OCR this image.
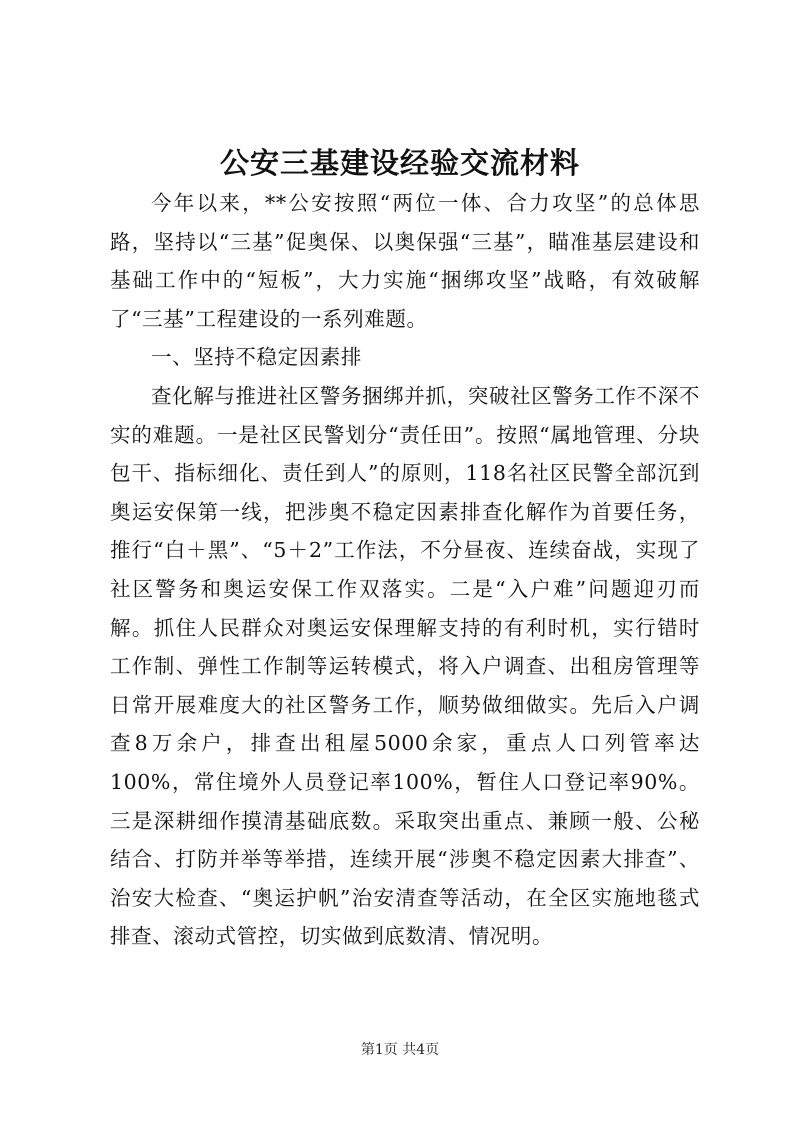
公安三基建设经验交流材料

今年以来，**公安按照“两位一体、合力攻坚”的总体思路，坚持以“三基”促奥保、以奥保强“三基”，瞄准基层建设和基础工作中的“短板”，大力实施“捆绑攻坚”战略，有效破解了“三基”工程建设的一系列难题。

一、坚持不稳定因素排

查化解与推进社区警务捆绑并抓，突破社区警务工作不深不实的难题。一是社区民警划分“责任田”。按照“属地管理、分块包干、指标细化、责任到人”的原则，118名社区民警全部沉到奥运安保第一线，把涉奥不稳定因素排查化解作为首要任务，推行“白＋黑”、“5＋2”工作法，不分昼夜、连续奋战，实现了社区警务和奥运安保工作双落实。二是“入户难”问题迎刃而解。抓住人民群众对奥运安保理解支持的有利时机，实行错时工作制、弹性工作制等运转模式，将入户调查、出租房管理等日常开展难度大的社区警务工作，顺势做细做实。先后入户调查8万余户，排查出租屋5000余家，重点人口列管率达100%，常住境外人员登记率100%，暂住人口登记率90%。三是深耕细作摸清基础底数。采取突出重点、兼顾一般、公秘结合、打防并举等举措，连续开展“涉奥不稳定因素大排查”、治安大检查、“奥运护帆”治安清查等活动，在全区实施地毯式排查、滚动式管控，切实做到底数清、情况明。

第1页 共4页
